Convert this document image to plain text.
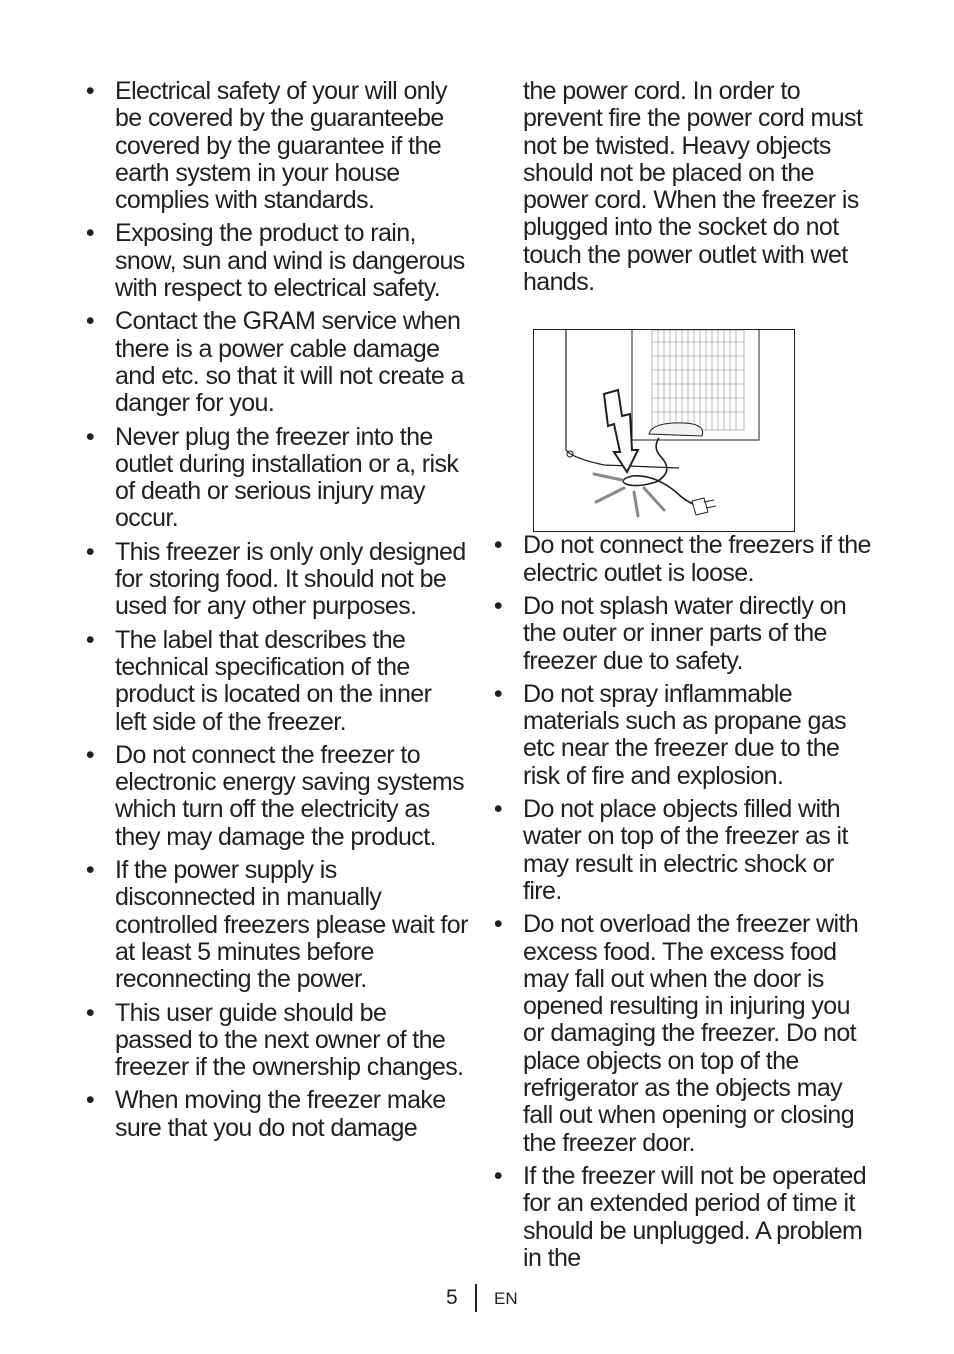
• Electrical safety of your will only be covered by the guaranteebe covered by the guarantee if the earth system in your house complies with standards.
• Exposing the product to rain, snow, sun and wind is dangerous with respect to electrical safety.
• Contact the GRAM service when there is a power cable damage and etc. so that it will not create a danger for you.
• Never plug the freezer into the outlet during installation or a, risk of death or serious injury may occur.
• This freezer is only only designed for storing food. It should not be used for any other purposes.
• The label that describes the technical specification of the product is located on the inner left side of the freezer.
• Do not connect the freezer to electronic energy saving systems which turn off the electricity as they may damage the product.
• If the power supply is disconnected in manually controlled freezers please wait for at least 5 minutes before reconnecting the power.
• This user guide should be passed to the next owner of the freezer if the ownership changes.
• When moving the freezer make sure that you do not damage
the power cord. In order to prevent fire the power cord must not be twisted. Heavy objects should not be placed on the power cord. When the freezer is plugged into the socket do not touch the power outlet with wet hands.
• Do not connect the freezers if the electric outlet is loose.
• Do not splash water directly on the outer or inner parts of the freezer due to safety.
• Do not spray inflammable materials such as propane gas etc near the freezer due to the risk of fire and explosion.
• Do not place objects filled with water on top of the freezer as it may result in electric shock or fire.
• Do not overload the freezer with excess food. The excess food may fall out when the door is opened resulting in injuring you or damaging the freezer. Do not place objects on top of the refrigerator as the objects may fall out when opening or closing the freezer door.
• If the freezer will not be operated for an extended period of time it should be unplugged. A problem in the
5 EN
